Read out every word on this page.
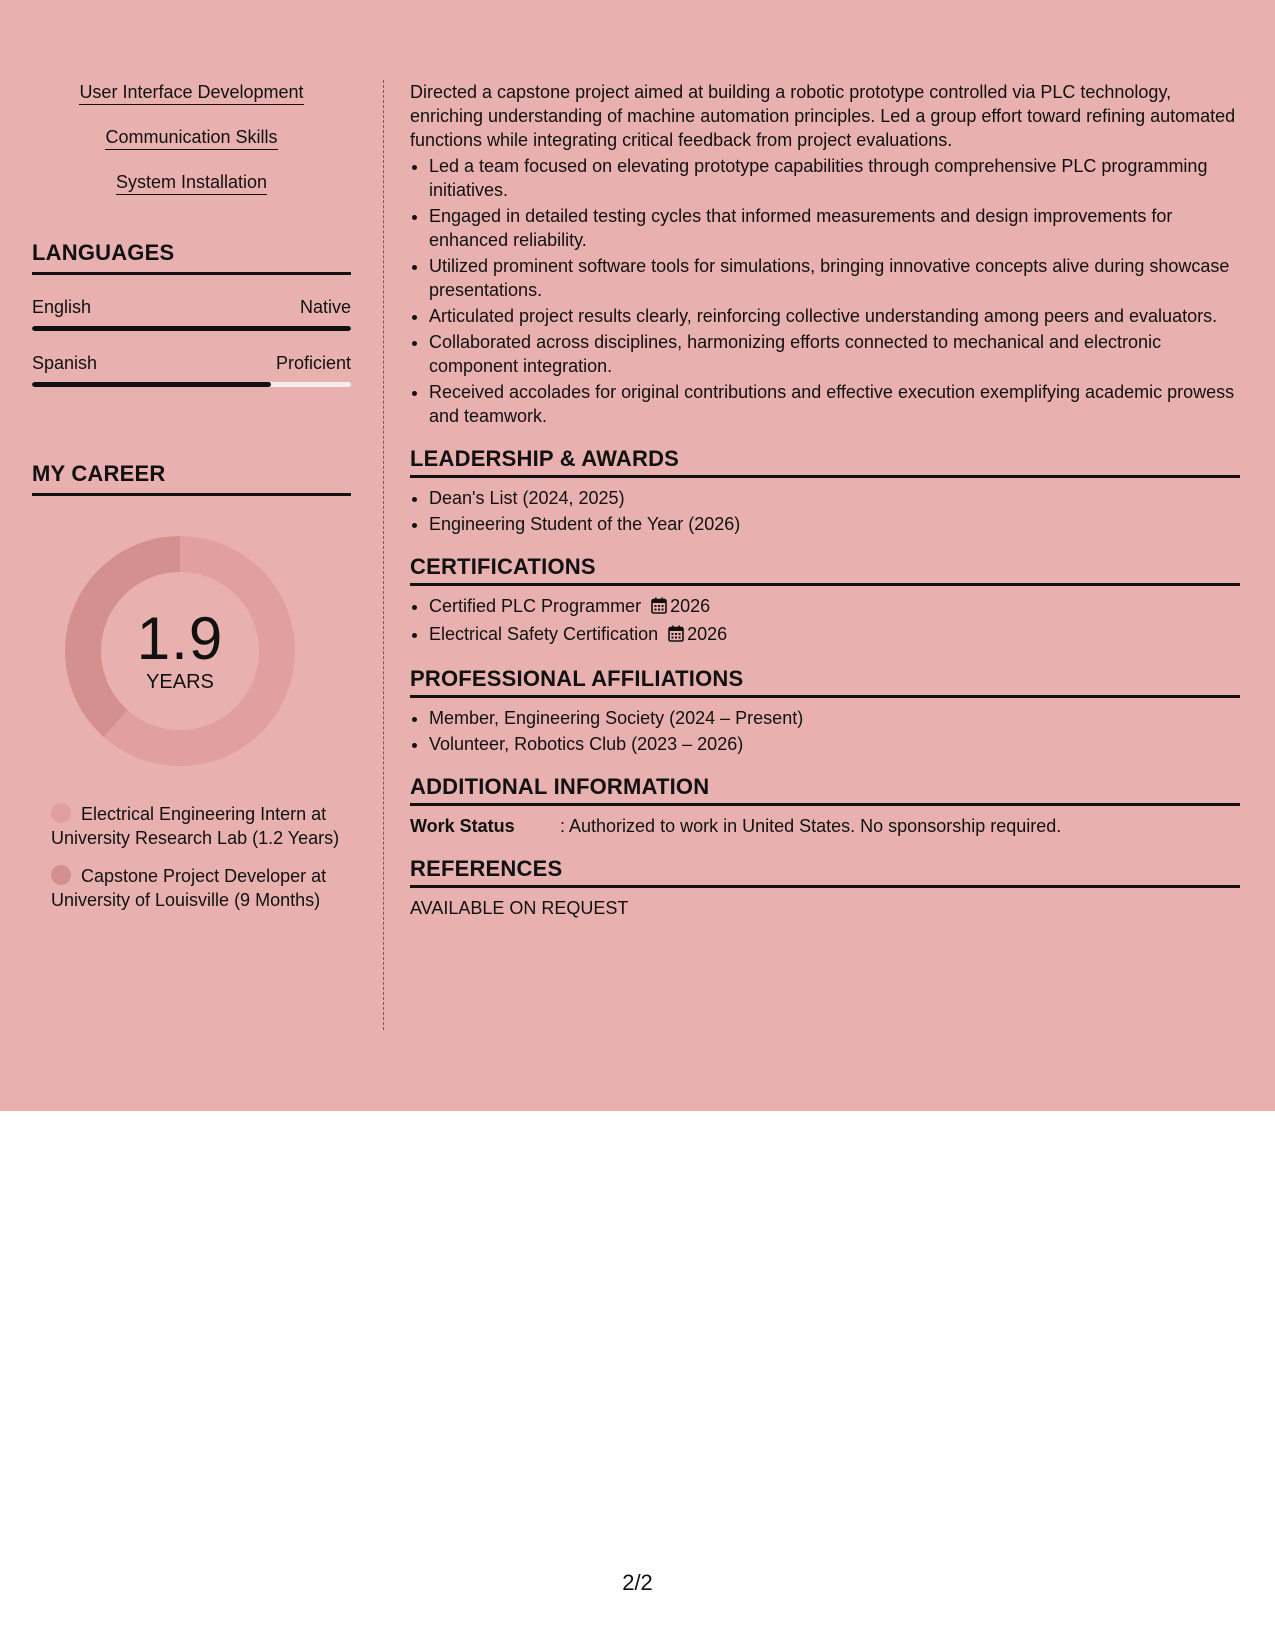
User Interface Development
Communication Skills
System Installation
LANGUAGES
English	Native
Spanish	Proficient
MY CAREER
1.9
YEARS
Electrical Engineering Intern at University Research Lab (1.2 Years)
Capstone Project Developer at University of Louisville (9 Months)

Directed a capstone project aimed at building a robotic prototype controlled via PLC technology, enriching understanding of machine automation principles. Led a group effort toward refining automated functions while integrating critical feedback from project evaluations.

• Led a team focused on elevating prototype capabilities through comprehensive PLC programming initiatives.
• Engaged in detailed testing cycles that informed measurements and design improvements for enhanced reliability.
• Utilized prominent software tools for simulations, bringing innovative concepts alive during showcase presentations.
• Articulated project results clearly, reinforcing collective understanding among peers and evaluators.
• Collaborated across disciplines, harmonizing efforts connected to mechanical and electronic component integration.
• Received accolades for original contributions and effective execution exemplifying academic prowess and teamwork.
LEADERSHIP & AWARDS
• Dean's List (2024, 2025)
• Engineering Student of the Year (2026)
CERTIFICATIONS
• Certified PLC Programmer 2026
• Electrical Safety Certification 2026
PROFESSIONAL AFFILIATIONS
• Member, Engineering Society (2024 – Present)
• Volunteer, Robotics Club (2023 – 2026)
ADDITIONAL INFORMATION
Work Status	: Authorized to work in United States. No sponsorship required.
REFERENCES
AVAILABLE ON REQUEST
2/2
